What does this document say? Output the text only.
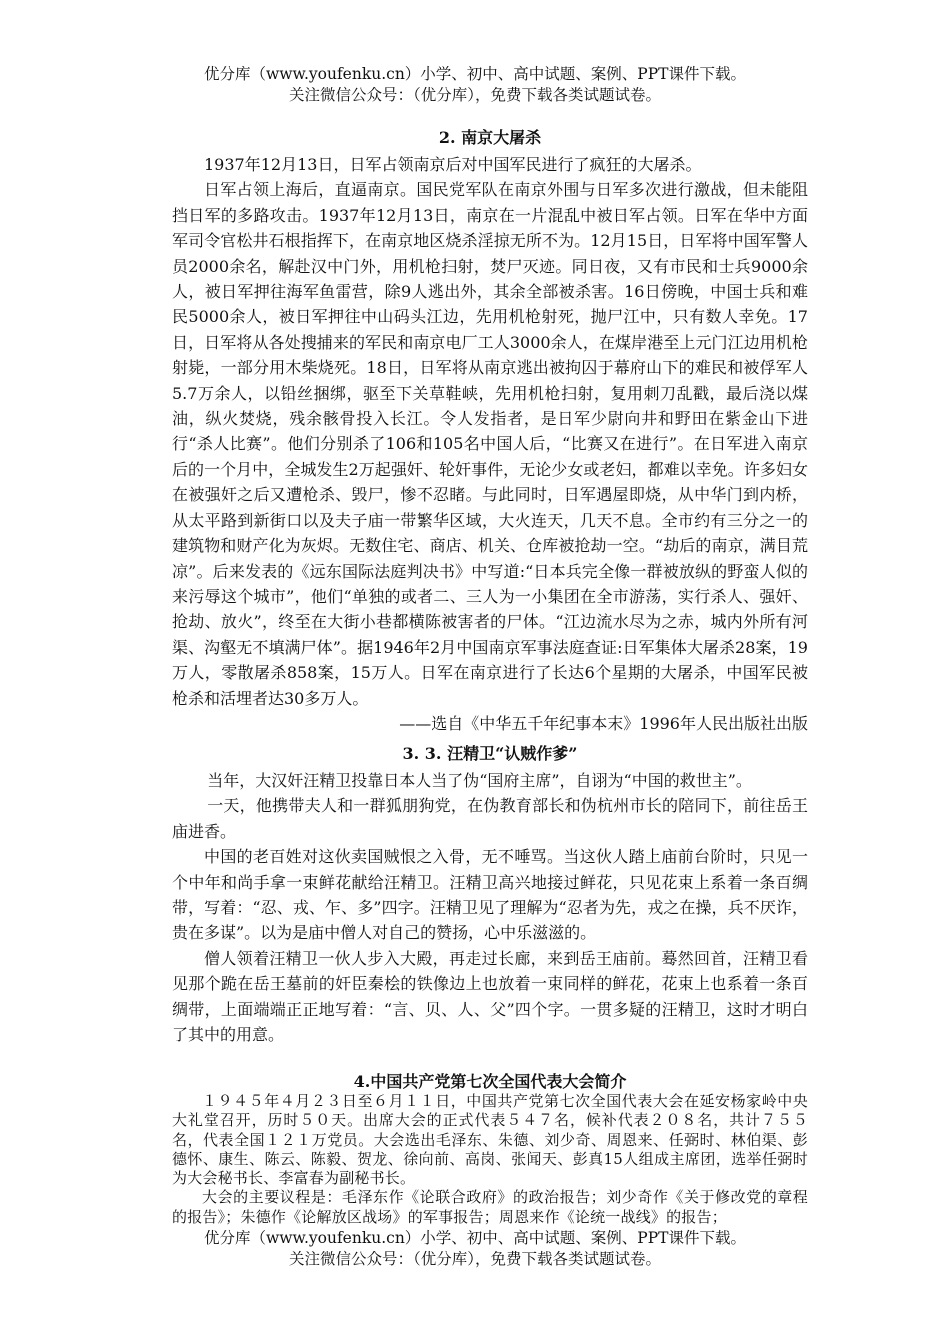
优分库（www.youfenku.cn）小学、初中、高中试题、案例、PPT课件下载。
关注微信公众号：（优分库），免费下载各类试题试卷。
2. 南京大屠杀

1937年12月13日，日军占领南京后对中国军民进行了疯狂的大屠杀。

日军占领上海后，直逼南京。国民党军队在南京外围与日军多次进行激战，但未能阻挡日军的多路攻击。1937年12月13日，南京在一片混乱中被日军占领。日军在华中方面军司令官松井石根指挥下，在南京地区烧杀淫掠无所不为。12月15日，日军将中国军警人员2000余名，解赴汉中门外，用机枪扫射，焚尸灭迹。同日夜，又有市民和士兵9000余人，被日军押往海军鱼雷营，除9人逃出外，其余全部被杀害。16日傍晚，中国士兵和难民5000余人，被日军押往中山码头江边，先用机枪射死，抛尸江中，只有数人幸免。17日，日军将从各处搜捕来的军民和南京电厂工人3000余人，在煤岸港至上元门江边用机枪射毙，一部分用木柴烧死。18日，日军将从南京逃出被拘囚于幕府山下的难民和被俘军人5.7万余人，以铅丝捆绑，驱至下关草鞋峡，先用机枪扫射，复用刺刀乱戳，最后浇以煤油，纵火焚烧，残余骸骨投入长江。令人发指者，是日军少尉向井和野田在紫金山下进行“杀人比赛”。他们分别杀了106和105名中国人后，“比赛又在进行”。在日军进入南京后的一个月中，全城发生2万起强奸、轮奸事件，无论少女或老妇，都难以幸免。许多妇女在被强奸之后又遭枪杀、毁尸，惨不忍睹。与此同时，日军遇屋即烧，从中华门到内桥，从太平路到新街口以及夫子庙一带繁华区域，大火连天，几天不息。全市约有三分之一的建筑物和财产化为灰烬。无数住宅、商店、机关、仓库被抢劫一空。“劫后的南京，满目荒凉”。后来发表的《远东国际法庭判决书》中写道:“日本兵完全像一群被放纵的野蛮人似的来污辱这个城市”，他们“单独的或者二、三人为一小集团在全市游荡，实行杀人、强奸、抢劫、放火”，终至在大街小巷都横陈被害者的尸体。“江边流水尽为之赤，城内外所有河渠、沟壑无不填满尸体”。据1946年2月中国南京军事法庭查证:日军集体大屠杀28案，19万人，零散屠杀858案，15万人。日军在南京进行了长达6个星期的大屠杀，中国军民被枪杀和活埋者达30多万人。

——选自《中华五千年纪事本末》1996年人民出版社出版
3. 3. 汪精卫“认贼作爹”

当年，大汉奸汪精卫投靠日本人当了伪“国府主席”，自诩为“中国的救世主”。

一天，他携带夫人和一群狐朋狗党，在伪教育部长和伪杭州市长的陪同下，前往岳王庙进香。

中国的老百姓对这伙卖国贼恨之入骨，无不唾骂。当这伙人踏上庙前台阶时，只见一个中年和尚手拿一束鲜花献给汪精卫。汪精卫高兴地接过鲜花，只见花束上系着一条百绸带，写着：“忍、戎、乍、多”四字。汪精卫见了理解为“忍者为先，戎之在操，兵不厌诈，贵在多谋”。以为是庙中僧人对自己的赞扬，心中乐滋滋的。

僧人领着汪精卫一伙人步入大殿，再走过长廊，来到岳王庙前。蓦然回首，汪精卫看见那个跪在岳王墓前的奸臣秦桧的铁像边上也放着一束同样的鲜花，花束上也系着一条百绸带，上面端端正正地写着：“言、贝、人、父”四个字。一贯多疑的汪精卫，这时才明白了其中的用意。

4.中国共产党第七次全国代表大会简介

１９４５年４月２３日至６月１１日，中国共产党第七次全国代表大会在延安杨家岭中央大礼堂召开，历时５０天。出席大会的正式代表５４７名，候补代表２０８名，共计７５５名，代表全国１２１万党员。大会选出毛泽东、朱德、刘少奇、周恩来、任弼时、林伯渠、彭德怀、康生、陈云、陈毅、贺龙、徐向前、高岗、张闻天、彭真15人组成主席团，选举任弼时为大会秘书长、李富春为副秘书长。

大会的主要议程是：毛泽东作《论联合政府》的政治报告；刘少奇作《关于修改党的章程的报告》；朱德作《论解放区战场》的军事报告；周恩来作《论统一战线》的报告；

优分库（www.youfenku.cn）小学、初中、高中试题、案例、PPT课件下载。
关注微信公众号：（优分库），免费下载各类试题试卷。
